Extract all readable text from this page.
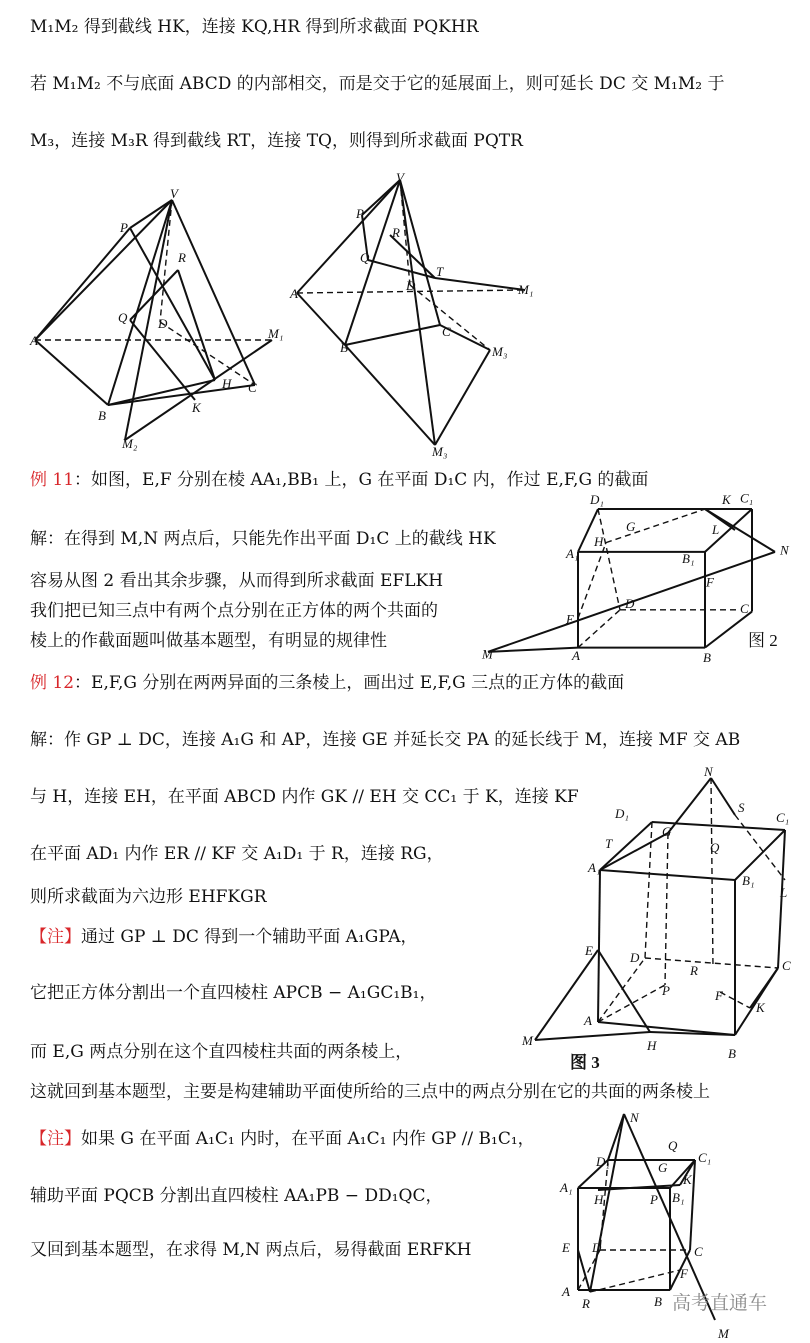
M₁M₂ 得到截线 HK，连接 KQ,HR 得到所求截面 PQKHR
若 M₁M₂ 不与底面 ABCD 的内部相交，而是交于它的延展面上，则可延长 DC 交 M₁M₂ 于
M₃，连接 M₃R 得到截线 RT，连接 TQ，则得到所求截面 PQTR
例 11：如图，E,F 分别在棱 AA₁,BB₁ 上，G 在平面 D₁C 内，作过 E,F,G 的截面
解：在得到 M,N 两点后，只能先作出平面 D₁C 上的截线 HK
容易从图 2 看出其余步骤，从而得到所求截面 EFLKH
我们把已知三点中有两个点分别在正方体的两个共面的
棱上的作截面题叫做基本题型，有明显的规律性
例 12：E,F,G 分别在两两异面的三条棱上，画出过 E,F,G 三点的正方体的截面
解：作 GP ⊥ DC，连接 A₁G 和 AP，连接 GE 并延长交 PA 的延长线于 M，连接 MF 交 AB
与 H，连接 EH，在平面 ABCD 内作 GK // EH 交 CC₁ 于 K，连接 KF
在平面 AD₁ 内作 ER // KF 交 A₁D₁ 于 R，连接 RG，
则所求截面为六边形 EHFKGR
【注】通过 GP ⊥ DC 得到一个辅助平面 A₁GPA，
它把正方体分割出一个直四棱柱 APCB − A₁GC₁B₁，
而 E,G 两点分别在这个直四棱柱共面的两条棱上，
这就回到基本题型，主要是构建辅助平面使所给的三点中的两点分别在它的共面的两条棱上
【注】如果 G 在平面 A₁C₁ 内时，在平面 A₁C₁ 内作 GP // B₁C₁，
辅助平面 PQCB 分割出直四棱柱 AA₁PB − DD₁QC，
又回到基本题型，在求得 M,N 两点后，易得截面 ERFKH
V
P
R
Q D
A	M₁
B
K
H C
M₂
V
P
Q
R
T
D
A	M₁
B
C
M₃
M₃
D₁	K C₁
G
H
L
A₁	B₁
N
F
E
D	C
M	A	B
N
D₁	S
C₁
T
G
Q
A₁
B₁
L
E	D
R	C
P	F
K
A
H
B
M
N
D₁
Q
C₁
G
K
A₁
H	P B₁
E D	C
F
A
R	B
M
图 2
图 3
高考直通车
